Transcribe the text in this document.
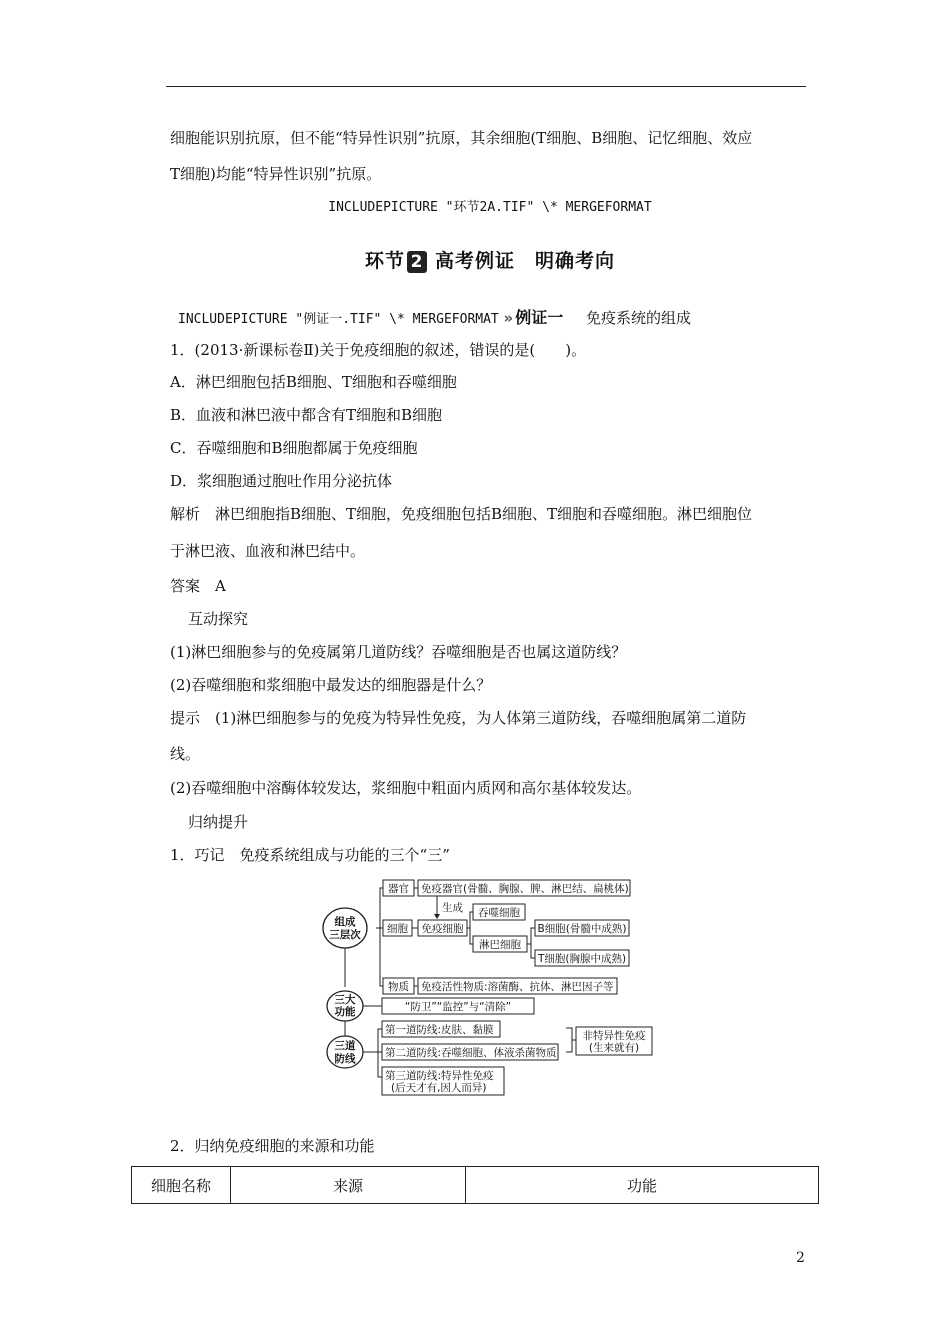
细胞能识别抗原，但不能“特异性识别”抗原，其余细胞(T细胞、B细胞、记忆细胞、效应
T细胞)均能“特异性识别”抗原。
INCLUDEPICTURE "环节2A.TIF" \* MERGEFORMAT
环节 2 高考例证　明确考向
INCLUDEPICTURE "例证一.TIF" \* MERGEFORMAT » 例证一 免疫系统的组成
1．(2013·新课标卷Ⅱ)关于免疫细胞的叙述，错误的是(　　)。
A．淋巴细胞包括B细胞、T细胞和吞噬细胞
B．血液和淋巴液中都含有T细胞和B细胞
C．吞噬细胞和B细胞都属于免疫细胞
D．浆细胞通过胞吐作用分泌抗体
解析　淋巴细胞指B细胞、T细胞，免疫细胞包括B细胞、T细胞和吞噬细胞。淋巴细胞位
于淋巴液、血液和淋巴结中。
答案　A
互动探究
(1)淋巴细胞参与的免疫属第几道防线？吞噬细胞是否也属这道防线？
(2)吞噬细胞和浆细胞中最发达的细胞器是什么？
提示　(1)淋巴细胞参与的免疫为特异性免疫，为人体第三道防线，吞噬细胞属第二道防
线。
(2)吞噬细胞中溶酶体较发达，浆细胞中粗面内质网和高尔基体较发达。
归纳提升
1．巧记　免疫系统组成与功能的三个“三”
组成
三层次
三大
功能
三道
防线
器官 免疫器官(骨髓、胸腺、脾、淋巴结、扁桃体)
生成
细胞 免疫细胞
吞噬细胞
淋巴细胞
B细胞(骨髓中成熟)
T细胞(胸腺中成熟)
物质 免疫活性物质:溶菌酶、抗体、淋巴因子等
“防卫”“监控”与“清除”
第一道防线:皮肤、黏膜
第二道防线:吞噬细胞、体液杀菌物质
第三道防线:特异性免疫
(后天才有,因人而异)
非特异性免疫
(生来就有)
2．归纳免疫细胞的来源和功能
细胞名称	来源	功能
2
